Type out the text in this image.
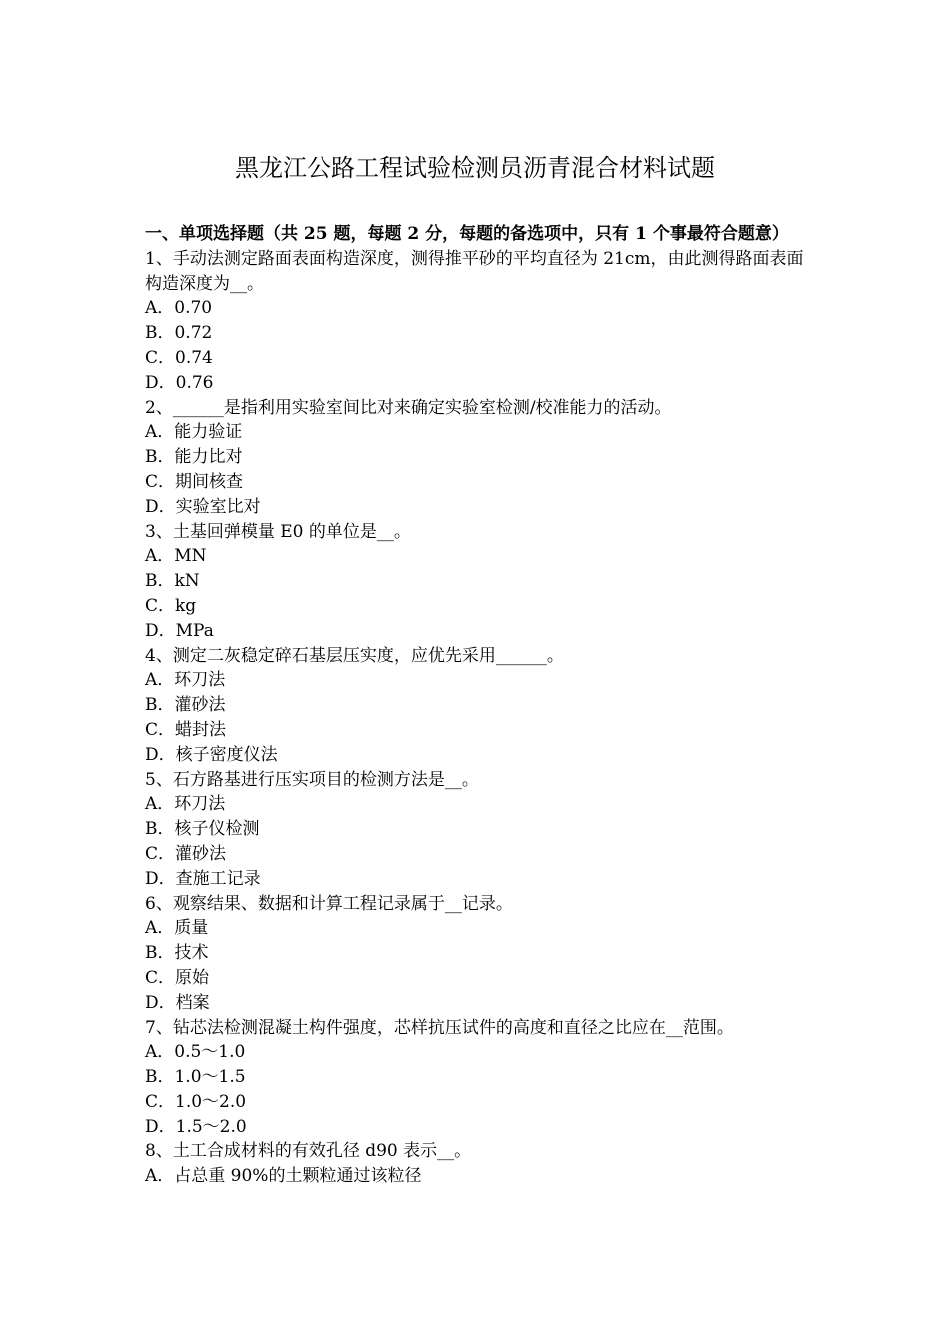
黑龙江公路工程试验检测员沥青混合材料试题
一、单项选择题（共 25 题，每题 2 分，每题的备选项中，只有 1 个事最符合题意）
1、手动法测定路面表面构造深度，测得推平砂的平均直径为 21cm，由此测得路面表面构造深度为__。
A．0.70
B．0.72
C．0.74
D．0.76
2、______是指利用实验室间比对来确定实验室检测/校准能力的活动。
A．能力验证
B．能力比对
C．期间核查
D．实验室比对
3、土基回弹模量 E0 的单位是__。
A．MN
B．kN
C．kg
D．MPa
4、测定二灰稳定碎石基层压实度，应优先采用______。
A．环刀法
B．灌砂法
C．蜡封法
D．核子密度仪法
5、石方路基进行压实项目的检测方法是__。
A．环刀法
B．核子仪检测
C．灌砂法
D．查施工记录
6、观察结果、数据和计算工程记录属于__记录。
A．质量
B．技术
C．原始
D．档案
7、钻芯法检测混凝土构件强度，芯样抗压试件的高度和直径之比应在__范围。
A．0.5～1.0
B．1.0～1.5
C．1.0～2.0
D．1.5～2.0
8、土工合成材料的有效孔径 d90 表示__。
A．占总重 90%的土颗粒通过该粒径
